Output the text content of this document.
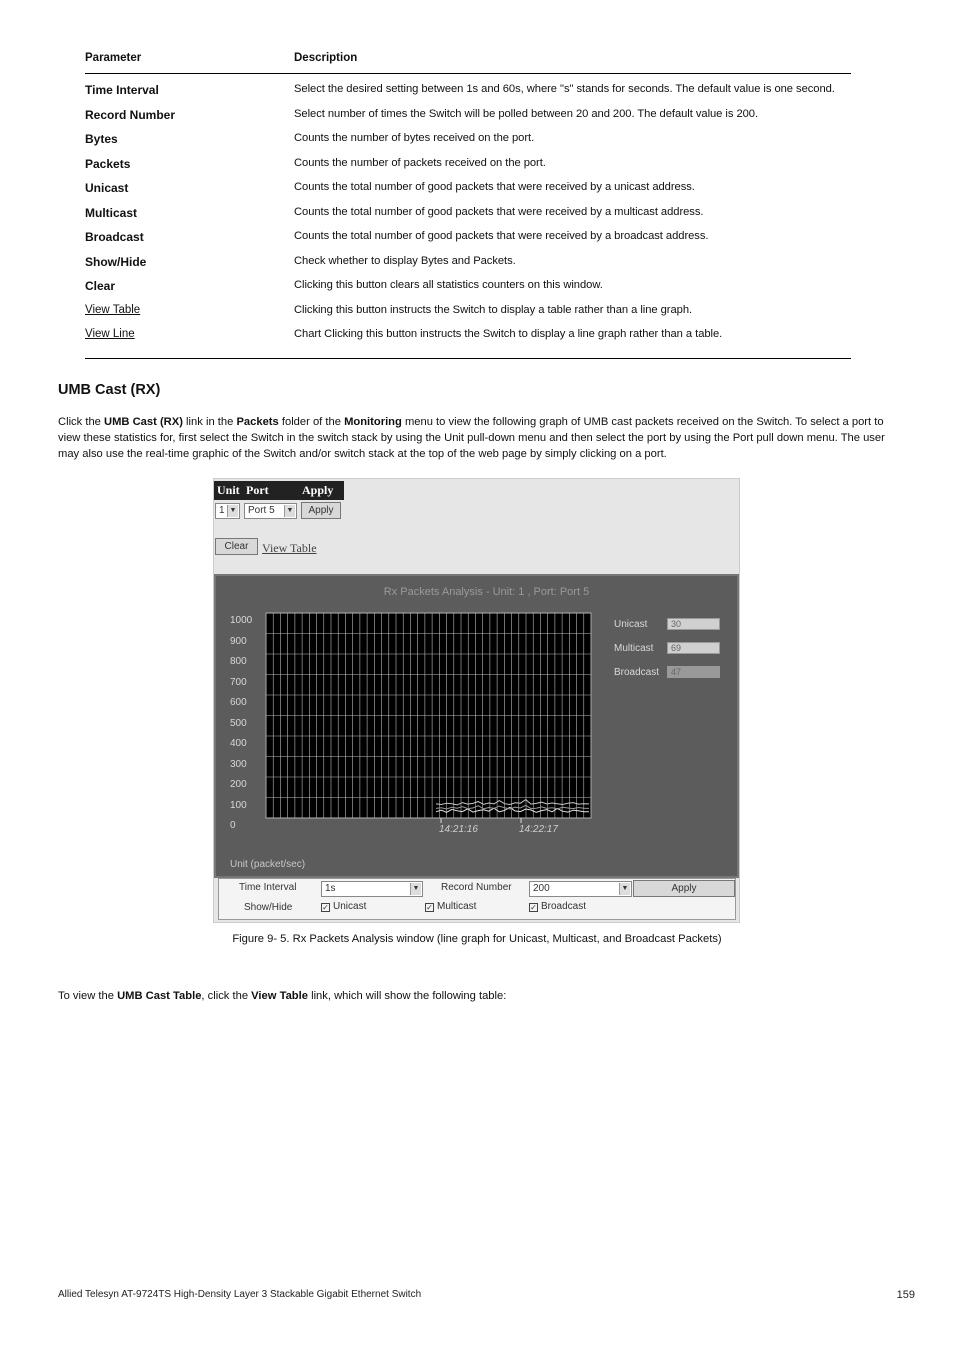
Parameter	Description
Time Interval	Select the desired setting between 1s and 60s, where "s" stands for seconds. The default value is one second.
Record Number	Select number of times the Switch will be polled between 20 and 200. The default value is 200.
Bytes	Counts the number of bytes received on the port.
Packets	Counts the number of packets received on the port.
Unicast	Counts the total number of good packets that were received by a unicast address.
Multicast	Counts the total number of good packets that were received by a multicast address.
Broadcast	Counts the total number of good packets that were received by a broadcast address.
Show/Hide	Check whether to display Bytes and Packets.
Clear	Clicking this button clears all statistics counters on this window.
View Table	Clicking this button instructs the Switch to display a table rather than a line graph.
View Line	Chart Clicking this button instructs the Switch to display a line graph rather than a table.
UMB Cast (RX)
Click the UMB Cast (RX) link in the Packets folder of the Monitoring menu to view the following graph of UMB cast packets received on the Switch. To select a port to view these statistics for, first select the Switch in the switch stack by using the Unit pull-down menu and then select the port by using the Port pull down menu. The user may also use the real-time graphic of the Switch and/or switch stack at the top of the web page by simply clicking on a port.
Unit Port	Apply
1 ▼	Port 5	▼	Apply
Clear	View Table
Rx Packets Analysis - Unit: 1 , Port: Port 5
1000
900
800
700
600
500
400
300
200
100
0	14:21:16	14:22:17
Unicast	30
Multicast	69
Broadcast	47
Unit (packet/sec)
Time Interval	1s	▼ Record Number	200	▼	Apply
Show/Hide	✓ Unicast	✓ Multicast	✓ Broadcast
Figure 9- 5. Rx Packets Analysis window (line graph for Unicast, Multicast, and Broadcast Packets)
To view the UMB Cast Table, click the View Table link, which will show the following table:
Allied Telesyn AT-9724TS High-Density Layer 3 Stackable Gigabit Ethernet Switch	159
